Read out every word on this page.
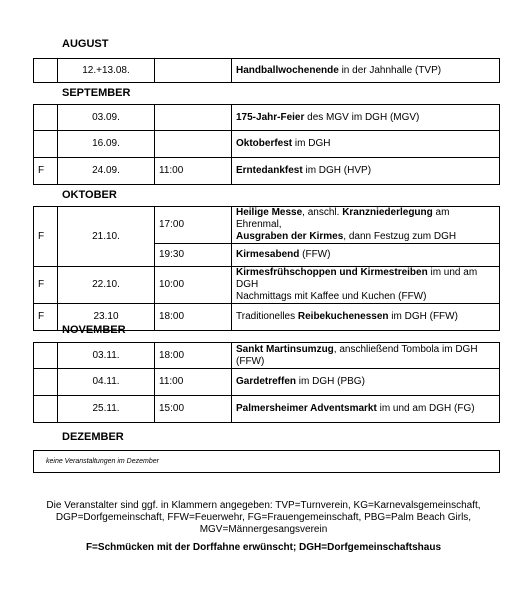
AUGUST
	12.+13.08.		Handballwochenende in der Jahnhalle (TVP)
SEPTEMBER
	03.09.		175-Jahr-Feier des MGV im DGH (MGV)
	16.09.		Oktoberfest im DGH
F	24.09.	11:00	Erntedankfest im DGH (HVP)
OKTOBER
F	21.10.	17:00	Heilige Messe, anschl. Kranzniederlegung am Ehrenmal,
Ausgraben der Kirmes, dann Festzug zum DGH
		19:30	Kirmesabend (FFW)
F	22.10.	10:00	Kirmesfrühschoppen und Kirmestreiben im und am DGH
Nachmittags mit Kaffee und Kuchen (FFW)
F	23.10	18:00	Traditionelles Reibekuchenessen im DGH (FFW)
NOVEMBER
	03.11.	18:00	Sankt Martinsumzug, anschließend Tombola im DGH (FFW)
	04.11.	11:00	Gardetreffen im DGH (PBG)
	25.11.	15:00	Palmersheimer Adventsmarkt im und am DGH (FG)
DEZEMBER
keine Veranstaltungen im Dezember
Die Veranstalter sind ggf. in Klammern angegeben: TVP=Turnverein, KG=Karnevalsgemeinschaft,
DGP=Dorfgemeinschaft, FFW=Feuerwehr, FG=Frauengemeinschaft, PBG=Palm Beach Girls,
MGV=Männergesangsverein
F=Schmücken mit der Dorffahne erwünscht; DGH=Dorfgemeinschaftshaus
